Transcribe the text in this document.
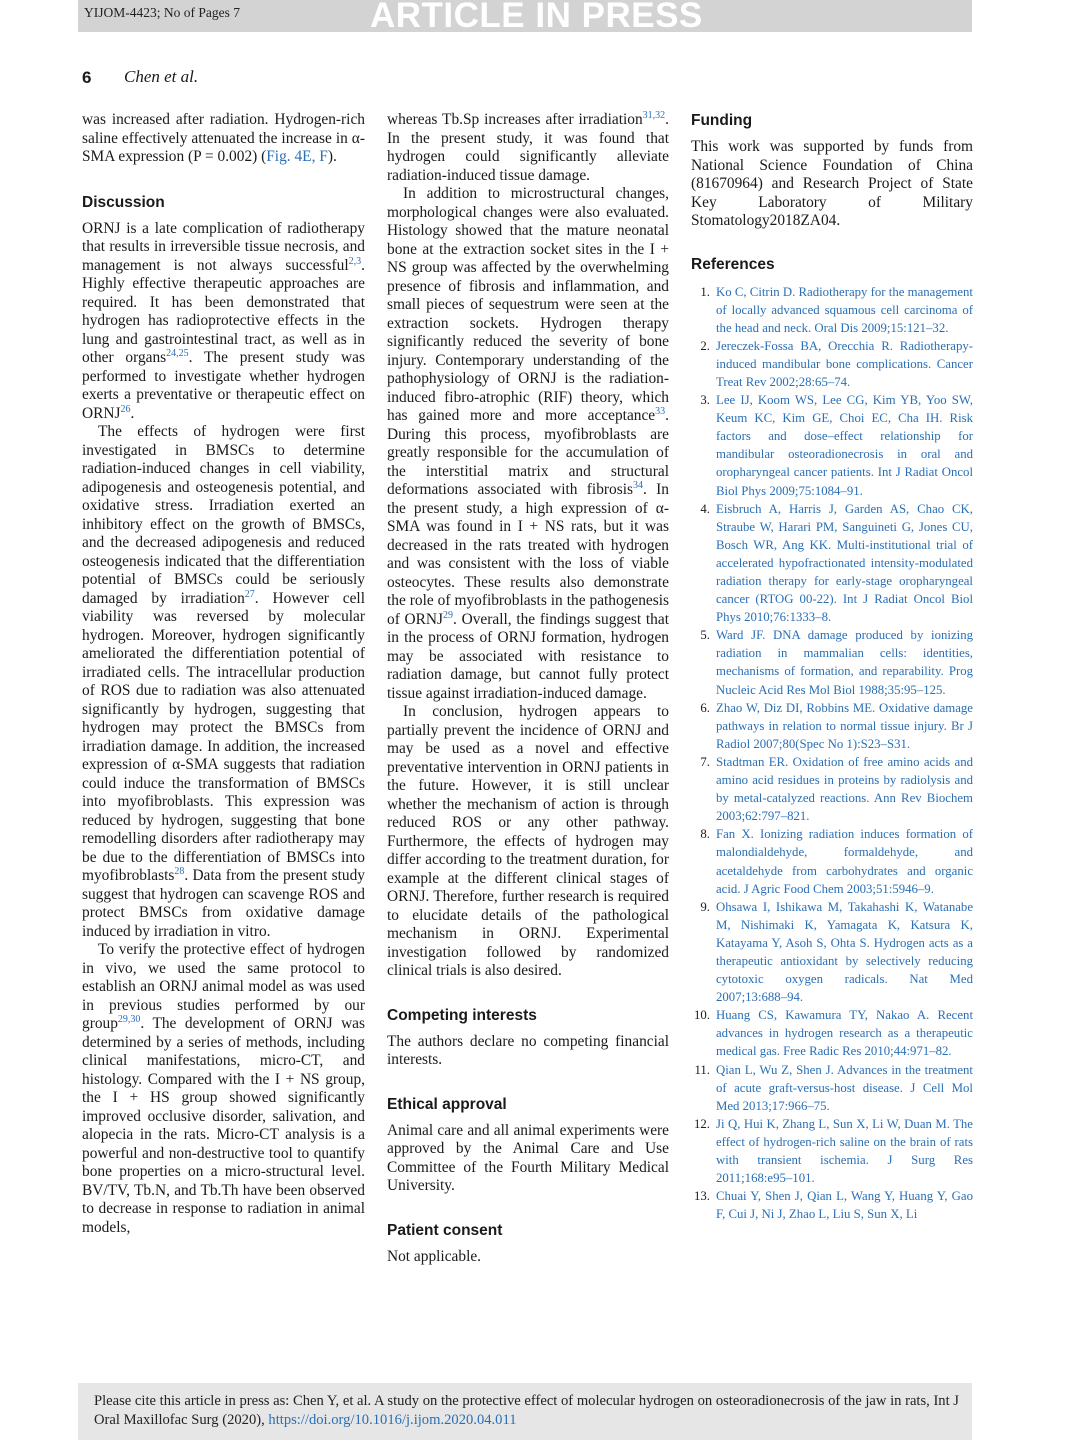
YIJOM-4423; No of Pages 7	ARTICLE IN PRESS
6 Chen et al.

was increased after radiation. Hydrogen-rich saline effectively attenuated the increase in α-SMA expression (P = 0.002) (Fig. 4E, F).

Discussion

ORNJ is a late complication of radiotherapy that results in irreversible tissue necrosis, and management is not always successful$^{2,3}$. Highly effective therapeutic approaches are required. It has been demonstrated that hydrogen has radioprotective effects in the lung and gastrointestinal tract, as well as in other organs$^{24,25}$. The present study was performed to investigate whether hydrogen exerts a preventative or therapeutic effect on ORNJ$^{26}$.

The effects of hydrogen were first investigated in BMSCs to determine radiation-induced changes in cell viability, adipogenesis and osteogenesis potential, and oxidative stress. Irradiation exerted an inhibitory effect on the growth of BMSCs, and the decreased adipogenesis and reduced osteogenesis indicated that the differentiation potential of BMSCs could be seriously damaged by irradiation$^{27}$. However cell viability was reversed by molecular hydrogen. Moreover, hydrogen significantly ameliorated the differentiation potential of irradiated cells. The intracellular production of ROS due to radiation was also attenuated significantly by hydrogen, suggesting that hydrogen may protect the BMSCs from irradiation damage. In addition, the increased expression of α-SMA suggests that radiation could induce the transformation of BMSCs into myofibroblasts. This expression was reduced by hydrogen, suggesting that bone remodelling disorders after radiotherapy may be due to the differentiation of BMSCs into myofibroblasts$^{28}$. Data from the present study suggest that hydrogen can scavenge ROS and protect BMSCs from oxidative damage induced by irradiation in vitro.

To verify the protective effect of hydrogen in vivo, we used the same protocol to establish an ORNJ animal model as was used in previous studies performed by our group$^{29,30}$. The development of ORNJ was determined by a series of methods, including clinical manifestations, micro-CT, and histology. Compared with the I + NS group, the I + HS group showed significantly improved occlusive disorder, salivation, and alopecia in the rats. Micro-CT analysis is a powerful and non-destructive tool to quantify bone properties on a micro-structural level. BV/TV, Tb.N, and Tb.Th have been observed to decrease in response to radiation in animal models,

whereas Tb.Sp increases after irradiation$^{31,32}$. In the present study, it was found that hydrogen could significantly alleviate radiation-induced tissue damage.

In addition to microstructural changes, morphological changes were also evaluated. Histology showed that the mature neonatal bone at the extraction socket sites in the I + NS group was affected by the overwhelming presence of fibrosis and inflammation, and small pieces of sequestrum were seen at the extraction sockets. Hydrogen therapy significantly reduced the severity of bone injury. Contemporary understanding of the pathophysiology of ORNJ is the radiation-induced fibro-atrophic (RIF) theory, which has gained more and more acceptance$^{33}$. During this process, myofibroblasts are greatly responsible for the accumulation of the interstitial matrix and structural deformations associated with fibrosis$^{34}$. In the present study, a high expression of α-SMA was found in I + NS rats, but it was decreased in the rats treated with hydrogen and was consistent with the loss of viable osteocytes. These results also demonstrate the role of myofibroblasts in the pathogenesis of ORNJ$^{29}$. Overall, the findings suggest that in the process of ORNJ formation, hydrogen may be associated with resistance to radiation damage, but cannot fully protect tissue against irradiation-induced damage.

In conclusion, hydrogen appears to partially prevent the incidence of ORNJ and may be used as a novel and effective preventative intervention in ORNJ patients in the future. However, it is still unclear whether the mechanism of action is through reduced ROS or any other pathway. Furthermore, the effects of hydrogen may differ according to the treatment duration, for example at the different clinical stages of ORNJ. Therefore, further research is required to elucidate details of the pathological mechanism in ORNJ. Experimental investigation followed by randomized clinical trials is also desired.

Competing interests

The authors declare no competing financial interests.

Ethical approval

Animal care and all animal experiments were approved by the Animal Care and Use Committee of the Fourth Military Medical University.

Patient consent

Not applicable.

Funding

This work was supported by funds from National Science Foundation of China (81670964) and Research Project of State Key Laboratory of Military Stomatology2018ZA04.

References
1. Ko C, Citrin D. Radiotherapy for the management of locally advanced squamous cell carcinoma of the head and neck. Oral Dis 2009;15:121–32.
2. Jereczek-Fossa BA, Orecchia R. Radiotherapy-induced mandibular bone complications. Cancer Treat Rev 2002;28:65–74.
3. Lee IJ, Koom WS, Lee CG, Kim YB, Yoo SW, Keum KC, Kim GE, Choi EC, Cha IH. Risk factors and dose–effect relationship for mandibular osteoradionecrosis in oral and oropharyngeal cancer patients. Int J Radiat Oncol Biol Phys 2009;75:1084–91.
4. Eisbruch A, Harris J, Garden AS, Chao CK, Straube W, Harari PM, Sanguineti G, Jones CU, Bosch WR, Ang KK. Multi-institutional trial of accelerated hypofractionated intensity-modulated radiation therapy for early-stage oropharyngeal cancer (RTOG 00-22). Int J Radiat Oncol Biol Phys 2010;76:1333–8.
5. Ward JF. DNA damage produced by ionizing radiation in mammalian cells: identities, mechanisms of formation, and reparability. Prog Nucleic Acid Res Mol Biol 1988;35:95–125.
6. Zhao W, Diz DI, Robbins ME. Oxidative damage pathways in relation to normal tissue injury. Br J Radiol 2007;80(Spec No 1):S23–S31.
7. Stadtman ER. Oxidation of free amino acids and amino acid residues in proteins by radiolysis and by metal-catalyzed reactions. Ann Rev Biochem 2003;62:797–821.
8. Fan X. Ionizing radiation induces formation of malondialdehyde, formaldehyde, and acetaldehyde from carbohydrates and organic acid. J Agric Food Chem 2003;51:5946–9.
9. Ohsawa I, Ishikawa M, Takahashi K, Watanabe M, Nishimaki K, Yamagata K, Katsura K, Katayama Y, Asoh S, Ohta S. Hydrogen acts as a therapeutic antioxidant by selectively reducing cytotoxic oxygen radicals. Nat Med 2007;13:688–94.
10. Huang CS, Kawamura TY, Nakao A. Recent advances in hydrogen research as a therapeutic medical gas. Free Radic Res 2010;44:971–82.
11. Qian L, Wu Z, Shen J. Advances in the treatment of acute graft-versus-host disease. J Cell Mol Med 2013;17:966–75.
12. Ji Q, Hui K, Zhang L, Sun X, Li W, Duan M. The effect of hydrogen-rich saline on the brain of rats with transient ischemia. J Surg Res 2011;168:e95–101.
13. Chuai Y, Shen J, Qian L, Wang Y, Huang Y, Gao F, Cui J, Ni J, Zhao L, Liu S, Sun X, Li
Please cite this article in press as: Chen Y, et al. A study on the protective effect of molecular hydrogen on osteoradionecrosis of the jaw in rats, Int J Oral Maxillofac Surg (2020), https://doi.org/10.1016/j.ijom.2020.04.011
